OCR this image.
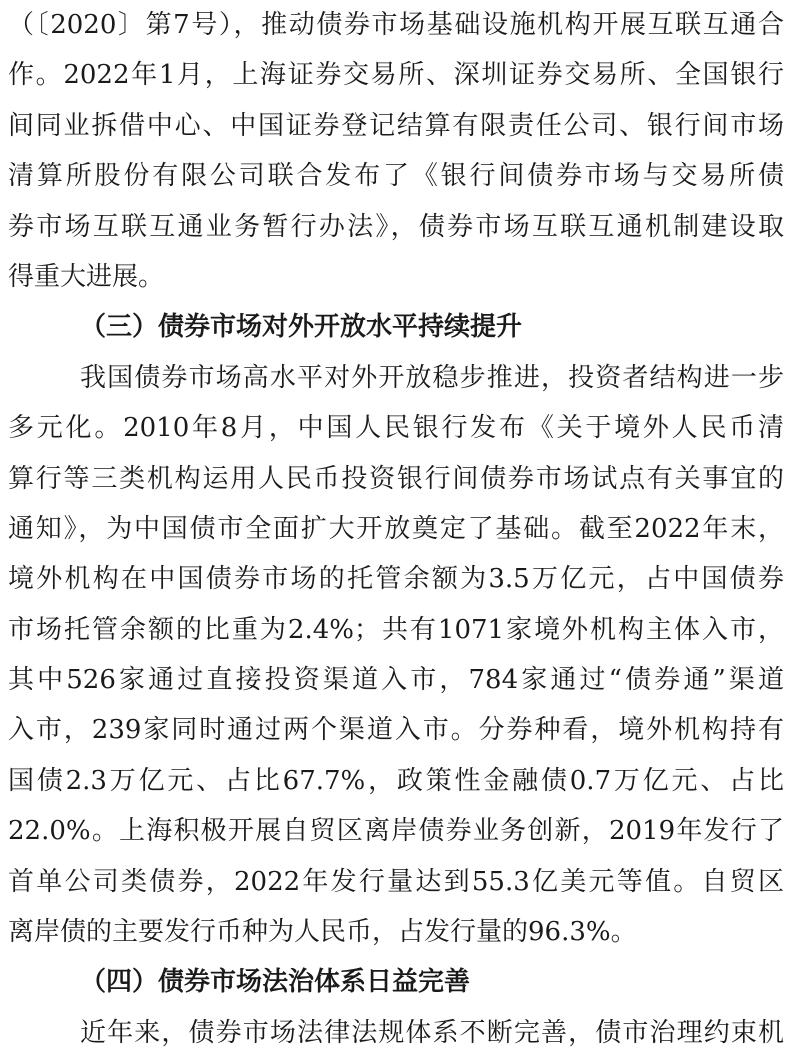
（〔2020〕第7号），推动债券市场基础设施机构开展互联互通合
作。2022年1月，上海证券交易所、深圳证券交易所、全国银行
间同业拆借中心、中国证券登记结算有限责任公司、银行间市场
清算所股份有限公司联合发布了《银行间债券市场与交易所债
券市场互联互通业务暂行办法》，债券市场互联互通机制建设取
得重大进展。
（三）债券市场对外开放水平持续提升
我国债券市场高水平对外开放稳步推进，投资者结构进一步
多元化。2010年8月，中国人民银行发布《关于境外人民币清
算行等三类机构运用人民币投资银行间债券市场试点有关事宜的
通知》，为中国债市全面扩大开放奠定了基础。截至2022年末，
境外机构在中国债券市场的托管余额为3.5万亿元，占中国债券
市场托管余额的比重为2.4%；共有1071家境外机构主体入市，
其中526家通过直接投资渠道入市，784家通过“债券通”渠道
入市，239家同时通过两个渠道入市。分券种看，境外机构持有
国债2.3万亿元、占比67.7%，政策性金融债0.7万亿元、占比
22.0%。上海积极开展自贸区离岸债券业务创新，2019年发行了
首单公司类债券，2022年发行量达到55.3亿美元等值。自贸区
离岸债的主要发行币种为人民币，占发行量的96.3%。
（四）债券市场法治体系日益完善
近年来，债券市场法律法规体系不断完善，债市治理约束机
